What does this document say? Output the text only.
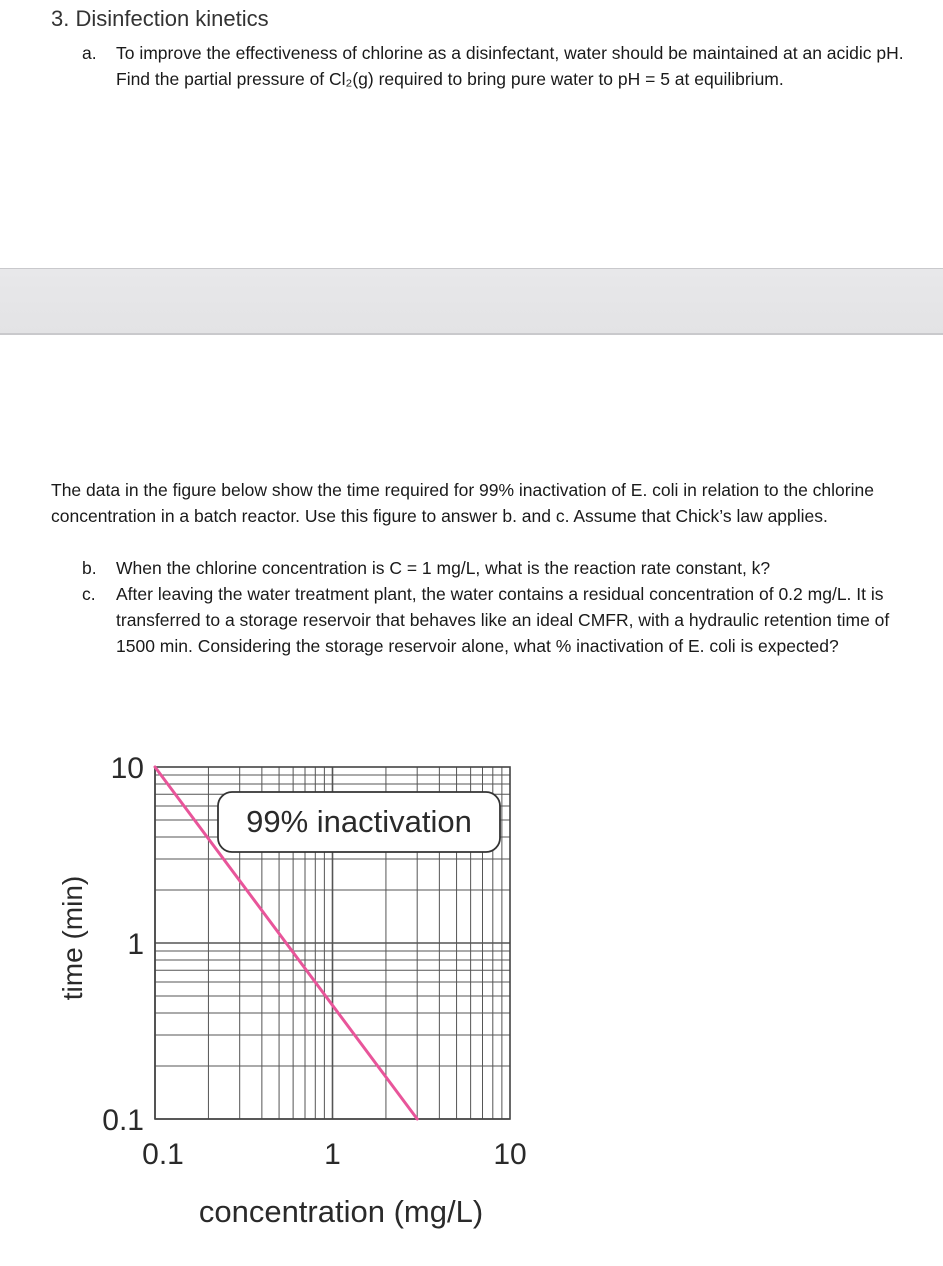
3. Disinfection kinetics
a. To improve the effectiveness of chlorine as a disinfectant, water should be maintained at an acidic pH. Find the partial pressure of Cl₂(g) required to bring pure water to pH = 5 at equilibrium.
The data in the figure below show the time required for 99% inactivation of E. coli in relation to the chlorine concentration in a batch reactor. Use this figure to answer b. and c. Assume that Chick’s law applies.
b. When the chlorine concentration is C = 1 mg/L, what is the reaction rate constant, k?
c. After leaving the water treatment plant, the water contains a residual concentration of 0.2 mg/L. It is transferred to a storage reservoir that behaves like an ideal CMFR, with a hydraulic retention time of 1500 min. Considering the storage reservoir alone, what % inactivation of E. coli is expected?
0.1	1	10
0.1
1
10
99% inactivation
concentration (mg/L)
time (min)
